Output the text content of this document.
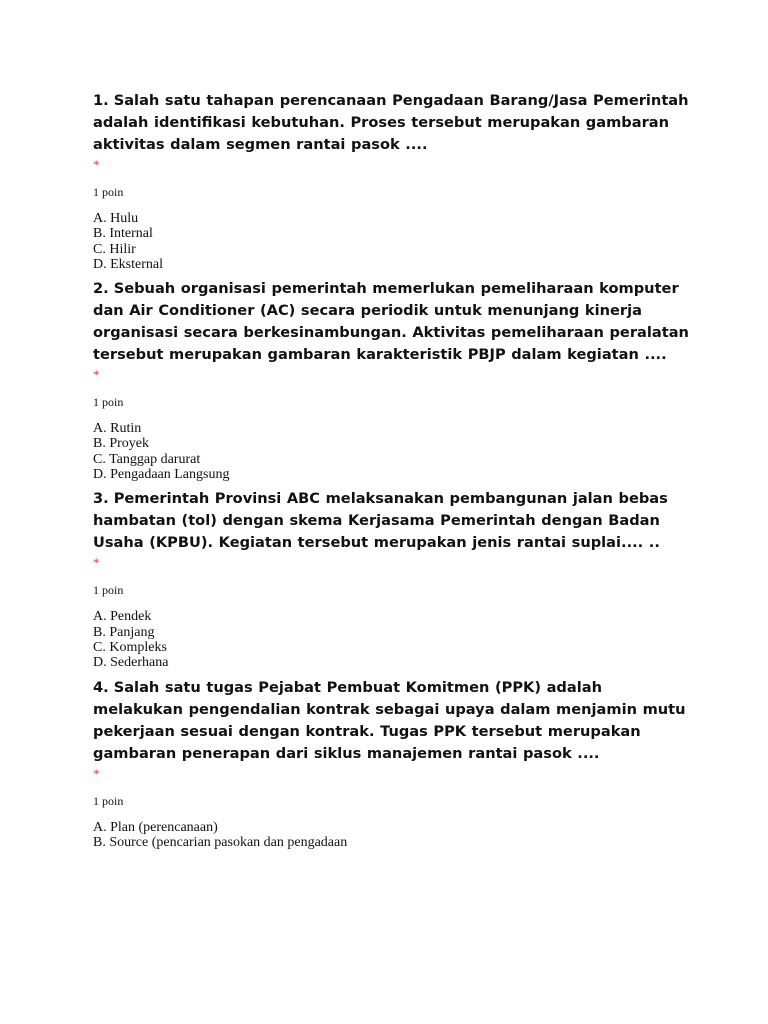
1. Salah satu tahapan perencanaan Pengadaan Barang/Jasa Pemerintah adalah identifikasi kebutuhan. Proses tersebut merupakan gambaran aktivitas dalam segmen rantai pasok ....

*
1 poin
A. Hulu
B. Internal
C. Hilir
D. Eksternal

2. Sebuah organisasi pemerintah memerlukan pemeliharaan komputer dan Air Conditioner (AC) secara periodik untuk menunjang kinerja organisasi secara berkesinambungan. Aktivitas pemeliharaan peralatan tersebut merupakan gambaran karakteristik PBJP dalam kegiatan ....

*
1 poin
A. Rutin
B. Proyek
C. Tanggap darurat
D. Pengadaan Langsung

3. Pemerintah Provinsi ABC melaksanakan pembangunan jalan bebas hambatan (tol) dengan skema Kerjasama Pemerintah dengan Badan Usaha (KPBU). Kegiatan tersebut merupakan jenis rantai suplai.... ..

*
1 poin
A. Pendek
B. Panjang
C. Kompleks
D. Sederhana

4. Salah satu tugas Pejabat Pembuat Komitmen (PPK) adalah melakukan pengendalian kontrak sebagai upaya dalam menjamin mutu pekerjaan sesuai dengan kontrak. Tugas PPK tersebut merupakan gambaran penerapan dari siklus manajemen rantai pasok ....

*
1 poin
A. Plan (perencanaan)
B. Source (pencarian pasokan dan pengadaan
